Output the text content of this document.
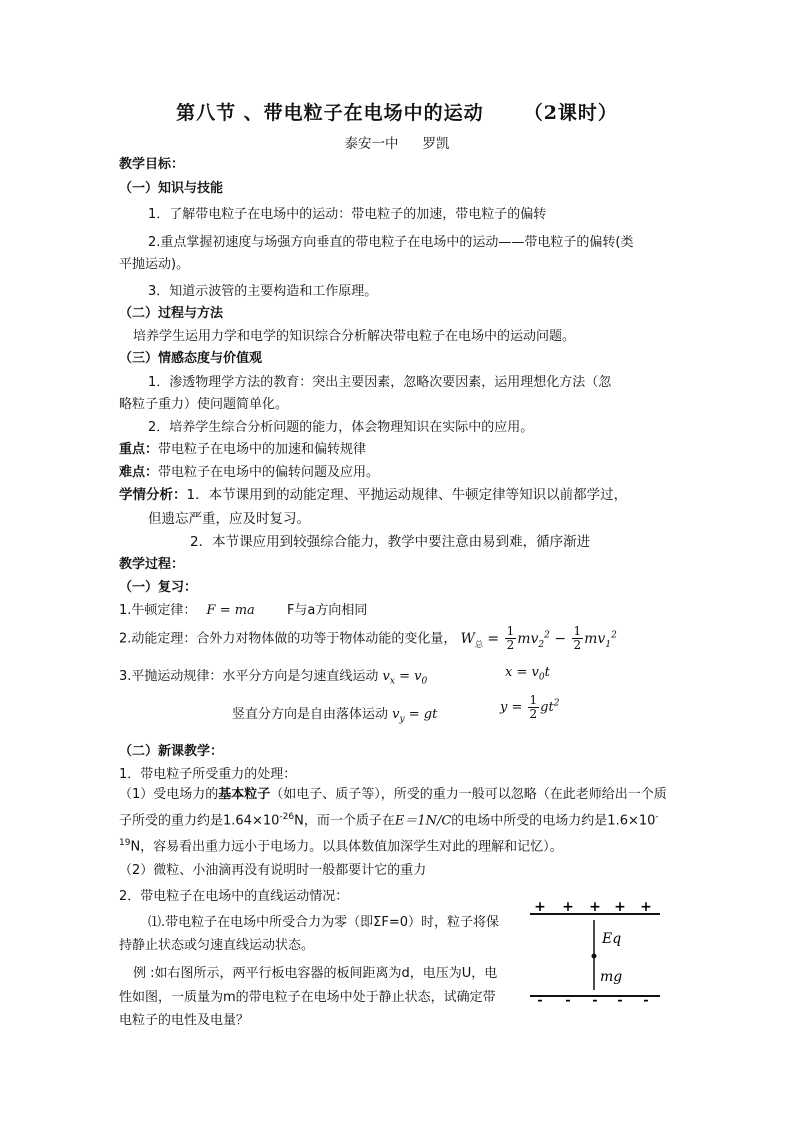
第八节 、带电粒子在电场中的运动 （2课时）
泰安一中 罗凯
教学目标：
（一）知识与技能
1．了解带电粒子在电场中的运动：带电粒子的加速，带电粒子的偏转
2.重点掌握初速度与场强方向垂直的带电粒子在电场中的运动——带电粒子的偏转(类
平抛运动)。
3．知道示波管的主要构造和工作原理。
（二）过程与方法
培养学生运用力学和电学的知识综合分析解决带电粒子在电场中的运动问题。
（三）情感态度与价值观
1．渗透物理学方法的教育：突出主要因素，忽略次要因素，运用理想化方法（忽
略粒子重力）使问题简单化。
2．培养学生综合分析问题的能力，体会物理知识在实际中的应用。
重点：带电粒子在电场中的加速和偏转规律
难点：带电粒子在电场中的偏转问题及应用。
学情分析：1．本节课用到的动能定理、平抛运动规律、牛顿定律等知识以前都学过，
但遗忘严重，应及时复习。
2．本节课应用到较强综合能力，教学中要注意由易到难，循序渐进
教学过程：
（一）复习：
1.牛顿定律： F = ma F与a方向相同
2.动能定理：合外力对物体做的功等于物体动能的变化量， $W_总 = \frac{1}{2} mv_2^2 - \frac{1}{2} mv_1^2$
3.平抛运动规律：水平分方向是匀速直线运动 $v_x = v_0$
$x = v_0t$
竖直分方向是自由落体运动 $v_y$ = gt	$y = \frac{1}{2} gt^2$
（二）新课教学：
1．带电粒子所受重力的处理：
（1）受电场力的基本粒子（如电子、质子等），所受的重力一般可以忽略（在此老师给出一个质子所受的重力约是$1.64\times 10^{-26}N$，而一个质子在E＝1N/C的电场中所受的电场力约是$1.6\times 10^{-19}N$，容易看出重力远小于电场力。以具体数值加深学生对此的理解和记忆）。
（2）微粒、小油滴再没有说明时一般都要计它的重力
2．带电粒子在电场中的直线运动情况：
⑴.带电粒子在电场中所受合力为零（即ΣF=0）时，粒子将保
持静止状态或匀速直线运动状态。
例 :如右图所示，两平行板电容器的板间距离为d，电压为U，电
性如图，一质量为m的带电粒子在电场中处于静止状态，试确定带
电粒子的电性及电量？
+ + + + +
- - - - -
Eq
mg
